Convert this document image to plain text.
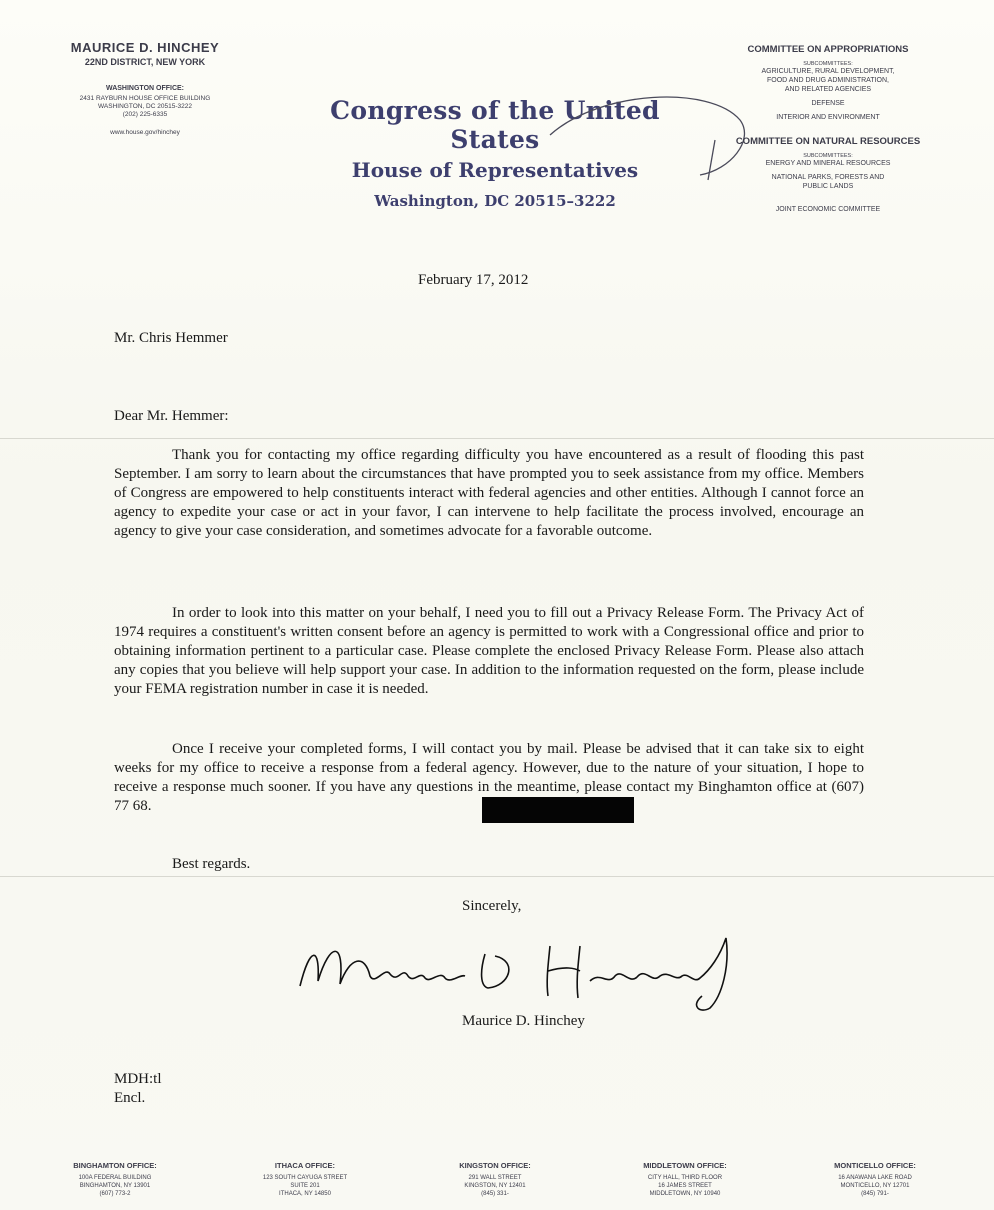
MAURICE D. HINCHEY
22ND DISTRICT, NEW YORK
WASHINGTON OFFICE:
2431 RAYBURN HOUSE OFFICE BUILDING
WASHINGTON, DC 20515-3222
(202) 225-6335
www.house.gov/hinchey
Congress of the United States
House of Representatives
Washington, DC 20515–3222
COMMITTEE ON APPROPRIATIONS
SUBCOMMITTEES:
AGRICULTURE, RURAL DEVELOPMENT,
FOOD AND DRUG ADMINISTRATION,
AND RELATED AGENCIES
DEFENSE
INTERIOR AND ENVIRONMENT
COMMITTEE ON NATURAL RESOURCES
SUBCOMMITTEES:
ENERGY AND MINERAL RESOURCES
NATIONAL PARKS, FORESTS AND
PUBLIC LANDS
JOINT ECONOMIC COMMITTEE
February 17, 2012
Mr. Chris Hemmer
Dear Mr. Hemmer:

Thank you for contacting my office regarding difficulty you have encountered as a result of flooding this past September. I am sorry to learn about the circumstances that have prompted you to seek assistance from my office. Members of Congress are empowered to help constituents interact with federal agencies and other entities. Although I cannot force an agency to expedite your case or act in your favor, I can intervene to help facilitate the process involved, encourage an agency to give your case consideration, and sometimes advocate for a favorable outcome.

In order to look into this matter on your behalf, I need you to fill out a Privacy Release Form. The Privacy Act of 1974 requires a constituent's written consent before an agency is permitted to work with a Congressional office and prior to obtaining information pertinent to a particular case. Please complete the enclosed Privacy Release Form. Please also attach any copies that you believe will help support your case. In addition to the information requested on the form, please include your FEMA registration number in case it is needed.

Once I receive your completed forms, I will contact you by mail. Please be advised that it can take six to eight weeks for my office to receive a response from a federal agency. However, due to the nature of your situation, I hope to receive a response much sooner. If you have any questions in the meantime, please contact my Binghamton office at (607) 77 68.

Best regards.
Sincerely,
Maurice D. Hinchey
MDH:tl
Encl.
BINGHAMTON OFFICE:
100A FEDERAL BUILDING
BINGHAMTON, NY 13901
(607) 773-2
ITHACA OFFICE:
123 SOUTH CAYUGA STREET
SUITE 201
ITHACA, NY 14850
KINGSTON OFFICE:
291 WALL STREET
KINGSTON, NY 12401
(845) 331-
MIDDLETOWN OFFICE:
CITY HALL, THIRD FLOOR
16 JAMES STREET
MIDDLETOWN, NY 10940
MONTICELLO OFFICE:
16 ANAWANA LAKE ROAD
MONTICELLO, NY 12701
(845) 791-
